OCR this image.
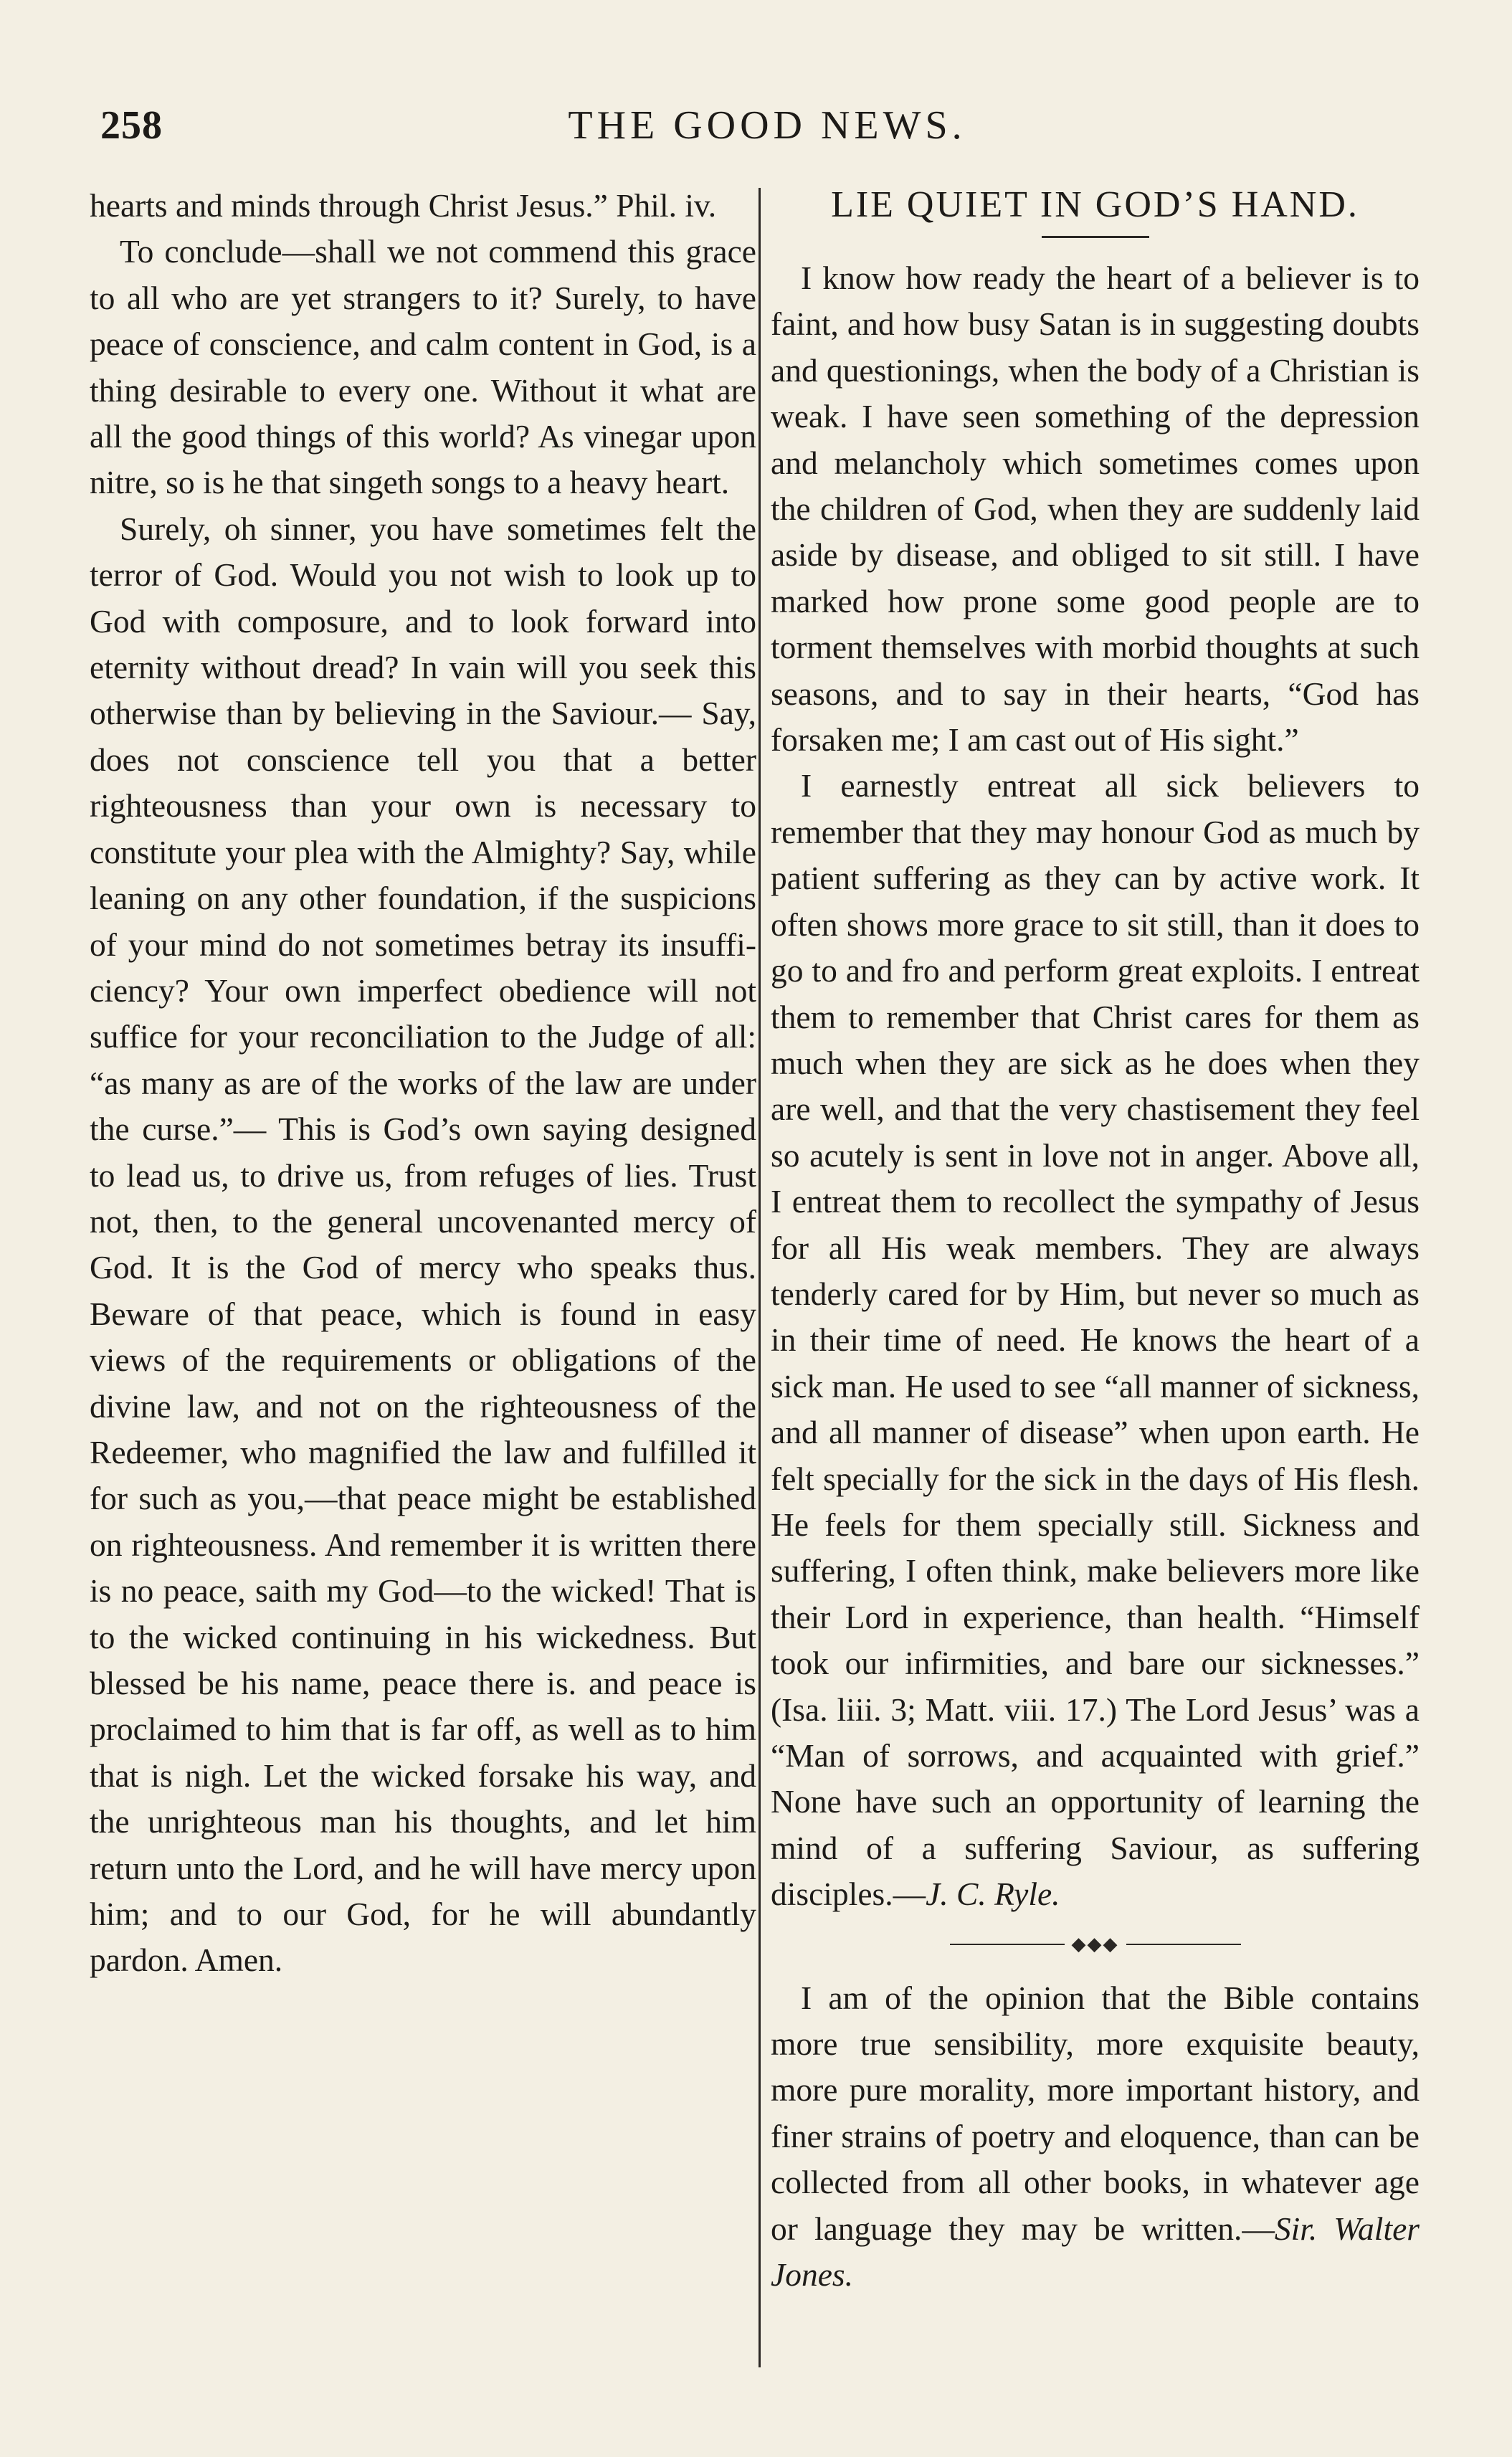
258	THE GOOD NEWS.

hearts and minds through Christ Jesus.” Phil. iv.

To conclude—shall we not commend this grace to all who are yet strangers to it? Surely, to have peace of conscience, and calm content in God, is a thing desirable to every one. Without it what are all the good things of this world? As vinegar upon nitre, so is he that singeth songs to a heavy heart.

Surely, oh sinner, you have sometimes felt the terror of God. Would you not wish to look up to God with composure, and to look forward into eternity without dread? In vain will you seek this otherwise than by believing in the Saviour.— Say, does not conscience tell you that a better righteousness than your own is necessary to constitute your plea with the Almighty? Say, while leaning on any other foundation, if the suspicions of your mind do not sometimes betray its insufficiency? Your own imperfect obedience will not suffice for your reconciliation to the Judge of all: “as many as are of the works of the law are under the curse.”— This is God’s own saying designed to lead us, to drive us, from refuges of lies. Trust not, then, to the general uncovenanted mercy of God. It is the God of mercy who speaks thus. Beware of that peace, which is found in easy views of the requirements or obligations of the divine law, and not on the righteousness of the Redeemer, who magnified the law and fulfilled it for such as you,—that peace might be established on righteousness. And remember it is written there is no peace, saith my God—to the wicked! That is to the wicked continuing in his wickedness. But blessed be his name, peace there is. and peace is proclaimed to him that is far off, as well as to him that is nigh. Let the wicked forsake his way, and the unrighteous man his thoughts, and let him return unto the Lord, and he will have mercy upon him; and to our God, for he will abundantly pardon. Amen.

LIE QUIET IN GOD’S HAND.

I know how ready the heart of a believer is to faint, and how busy Satan is in suggesting doubts and questionings, when the body of a Christian is weak. I have seen something of the depression and melancholy which sometimes comes upon the children of God, when they are suddenly laid aside by disease, and obliged to sit still. I have marked how prone some good people are to torment themselves with morbid thoughts at such seasons, and to say in their hearts, “God has forsaken me; I am cast out of His sight.”

I earnestly entreat all sick believers to remember that they may honour God as much by patient suffering as they can by active work. It often shows more grace to sit still, than it does to go to and fro and perform great exploits. I entreat them to remember that Christ cares for them as much when they are sick as he does when they are well, and that the very chastisement they feel so acutely is sent in love not in anger. Above all, I entreat them to recollect the sympathy of Jesus for all His weak members. They are always tenderly cared for by Him, but never so much as in their time of need. He knows the heart of a sick man. He used to see “all manner of sickness, and all manner of disease” when upon earth. He felt specially for the sick in the days of His flesh. He feels for them specially still. Sickness and suffering, I often think, make believers more like their Lord in experience, than health. “Himself took our infirmities, and bare our sicknesses.” (Isa. liii. 3; Matt. viii. 17.) The Lord Jesus’ was a “Man of sorrows, and acquainted with grief.” None have such an opportunity of learning the mind of a suffering Saviour, as suffering disciples.—J. C. Ryle.

◆◆◆

I am of the opinion that the Bible contains more true sensibility, more exquisite beauty, more pure morality, more important history, and finer strains of poetry and eloquence, than can be collected from all other books, in whatever age or language they may be written.—Sir. Walter Jones.
